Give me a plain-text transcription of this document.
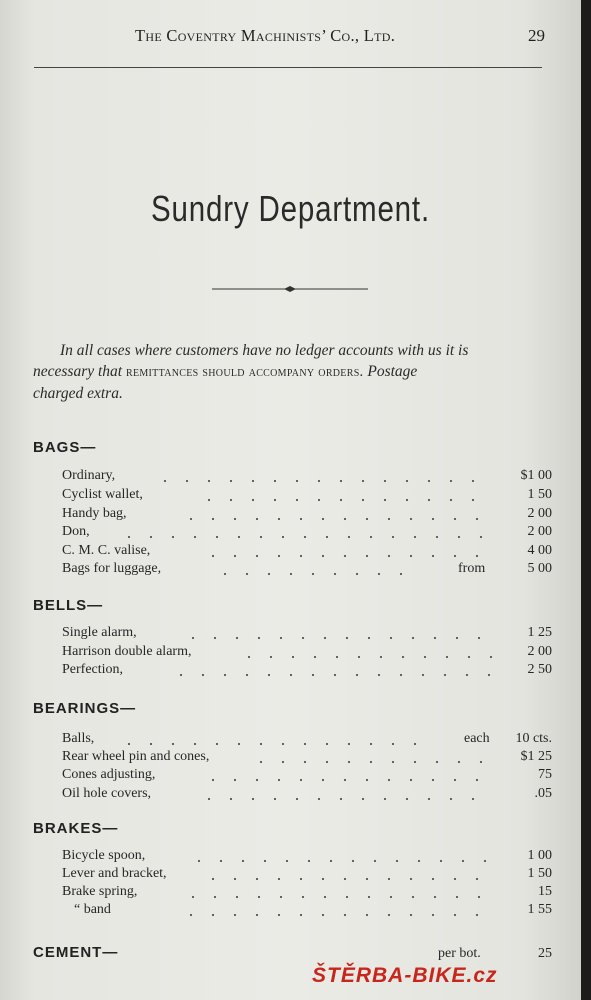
The Coventry Machinists’ Co., Ltd.	29
Sundry Department.
In all cases where customers have no ledger accounts with us it is
necessary that remittances should accompany orders. Postage
charged extra.
BAGS—
Ordinary,	$1 00
Cyclist wallet,	1 50
Handy bag,	2 00
Don,	2 00
C. M. C. valise,	4 00
Bags for luggage,	from	5 00
BELLS—
Single alarm,	1 25
Harrison double alarm,	2 00
Perfection,	2 50
BEARINGS—
Balls,	each 10 cts.
Rear wheel pin and cones,	$1 25
Cones adjusting,	75
Oil hole covers,	.05
BRAKES—
Bicycle spoon,	1 00
Lever and bracket,	1 50
Brake spring,	15
“ band	1 55
CEMENT—	per bot.	25
ŠTĚRBA-BIKE.cz
